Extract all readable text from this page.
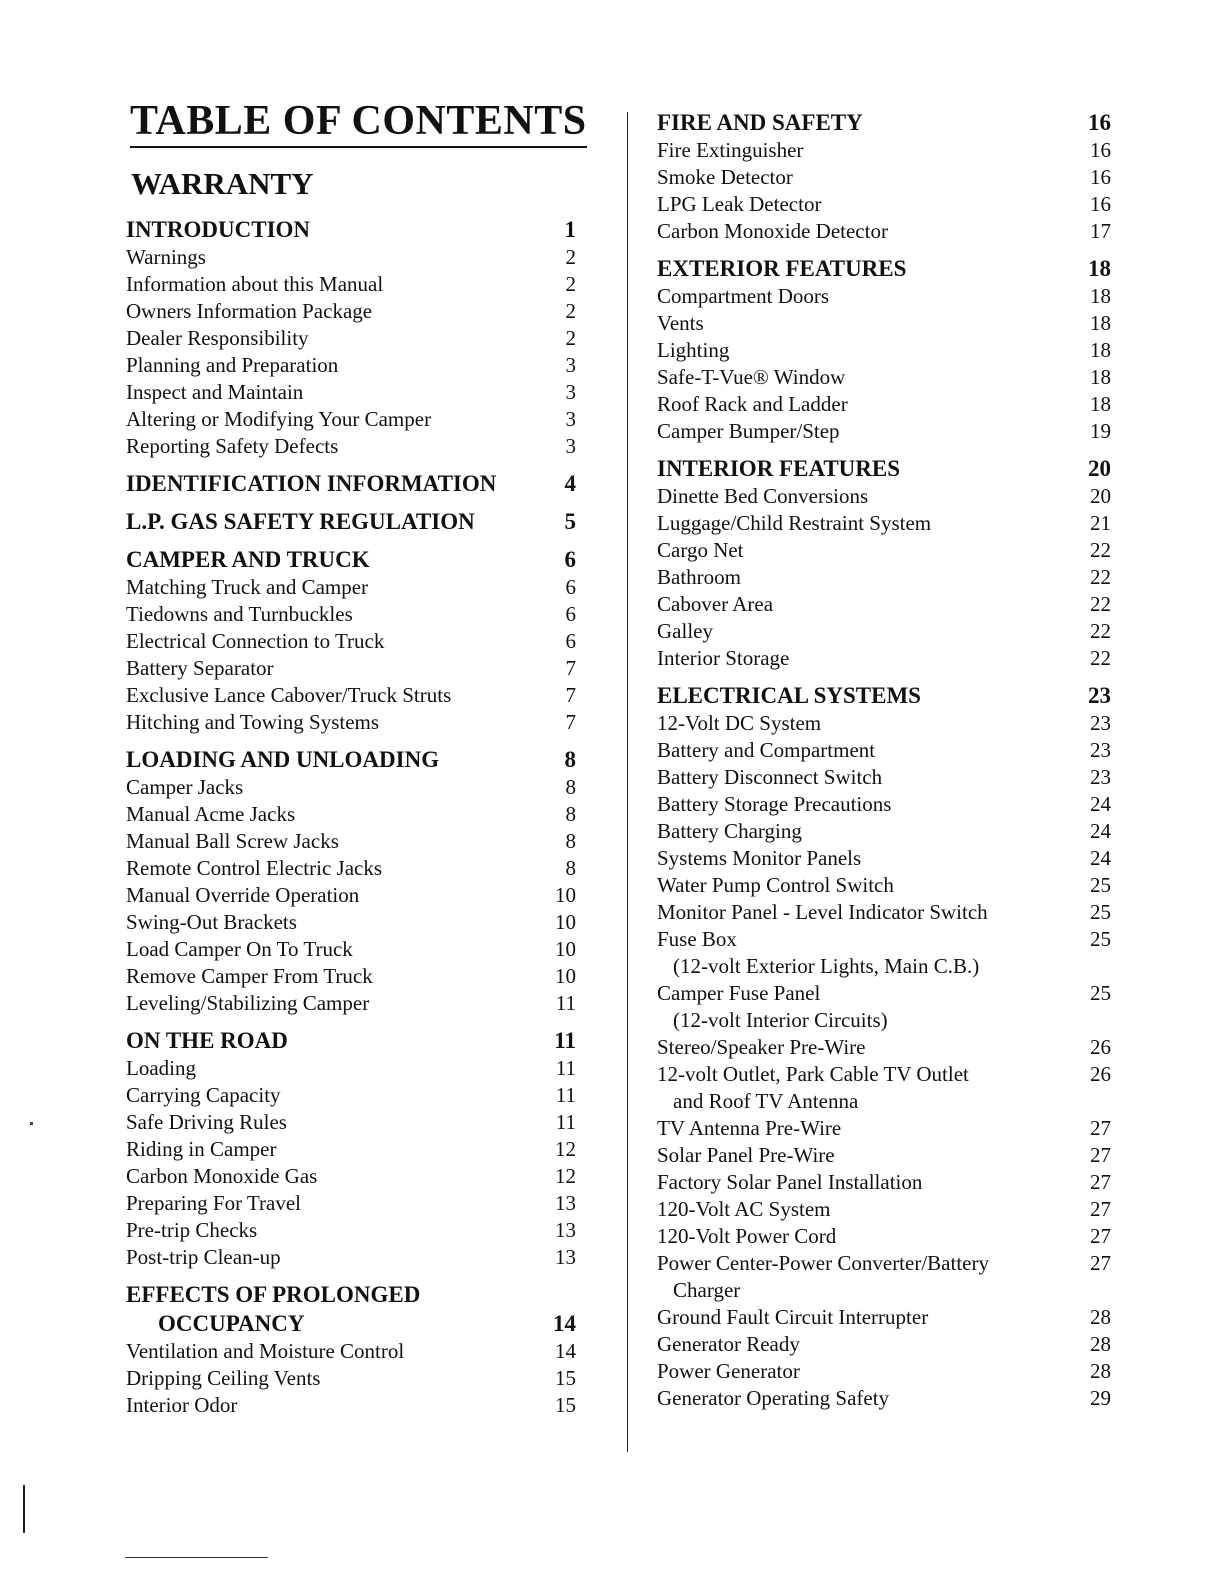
TABLE OF CONTENTS
WARRANTY
INTRODUCTION	1
Warnings	2
Information about this Manual	2
Owners Information Package	2
Dealer Responsibility	2
Planning and Preparation	3
Inspect and Maintain	3
Altering or Modifying Your Camper	3
Reporting Safety Defects	3
IDENTIFICATION INFORMATION	4
L.P. GAS SAFETY REGULATION	5
CAMPER AND TRUCK	6
Matching Truck and Camper	6
Tiedowns and Turnbuckles	6
Electrical Connection to Truck	6
Battery Separator	7
Exclusive Lance Cabover/Truck Struts	7
Hitching and Towing Systems	7
LOADING AND UNLOADING	8
Camper Jacks	8
Manual Acme Jacks	8
Manual Ball Screw Jacks	8
Remote Control Electric Jacks	8
Manual Override Operation	10
Swing-Out Brackets	10
Load Camper On To Truck	10
Remove Camper From Truck	10
Leveling/Stabilizing Camper	11
ON THE ROAD	11
Loading	11
Carrying Capacity	11
Safe Driving Rules	11
Riding in Camper	12
Carbon Monoxide Gas	12
Preparing For Travel	13
Pre-trip Checks	13
Post-trip Clean-up	13
EFFECTS OF PROLONGED
OCCUPANCY	14
Ventilation and Moisture Control	14
Dripping Ceiling Vents	15
Interior Odor	15
FIRE AND SAFETY	16
Fire Extinguisher	16
Smoke Detector	16
LPG Leak Detector	16
Carbon Monoxide Detector	17
EXTERIOR FEATURES	18
Compartment Doors	18
Vents	18
Lighting	18
Safe-T-Vue® Window	18
Roof Rack and Ladder	18
Camper Bumper/Step	19
INTERIOR FEATURES	20
Dinette Bed Conversions	20
Luggage/Child Restraint System	21
Cargo Net	22
Bathroom	22
Cabover Area	22
Galley	22
Interior Storage	22
ELECTRICAL SYSTEMS	23
12-Volt DC System	23
Battery and Compartment	23
Battery Disconnect Switch	23
Battery Storage Precautions	24
Battery Charging	24
Systems Monitor Panels	24
Water Pump Control Switch	25
Monitor Panel - Level Indicator Switch	25
Fuse Box	25
(12-volt Exterior Lights, Main C.B.)
Camper Fuse Panel	25
(12-volt Interior Circuits)
Stereo/Speaker Pre-Wire	26
12-volt Outlet, Park Cable TV Outlet	26
and Roof TV Antenna
TV Antenna Pre-Wire	27
Solar Panel Pre-Wire	27
Factory Solar Panel Installation	27
120-Volt AC System	27
120-Volt Power Cord	27
Power Center-Power Converter/Battery	27
Charger
Ground Fault Circuit Interrupter	28
Generator Ready	28
Power Generator	28
Generator Operating Safety	29
